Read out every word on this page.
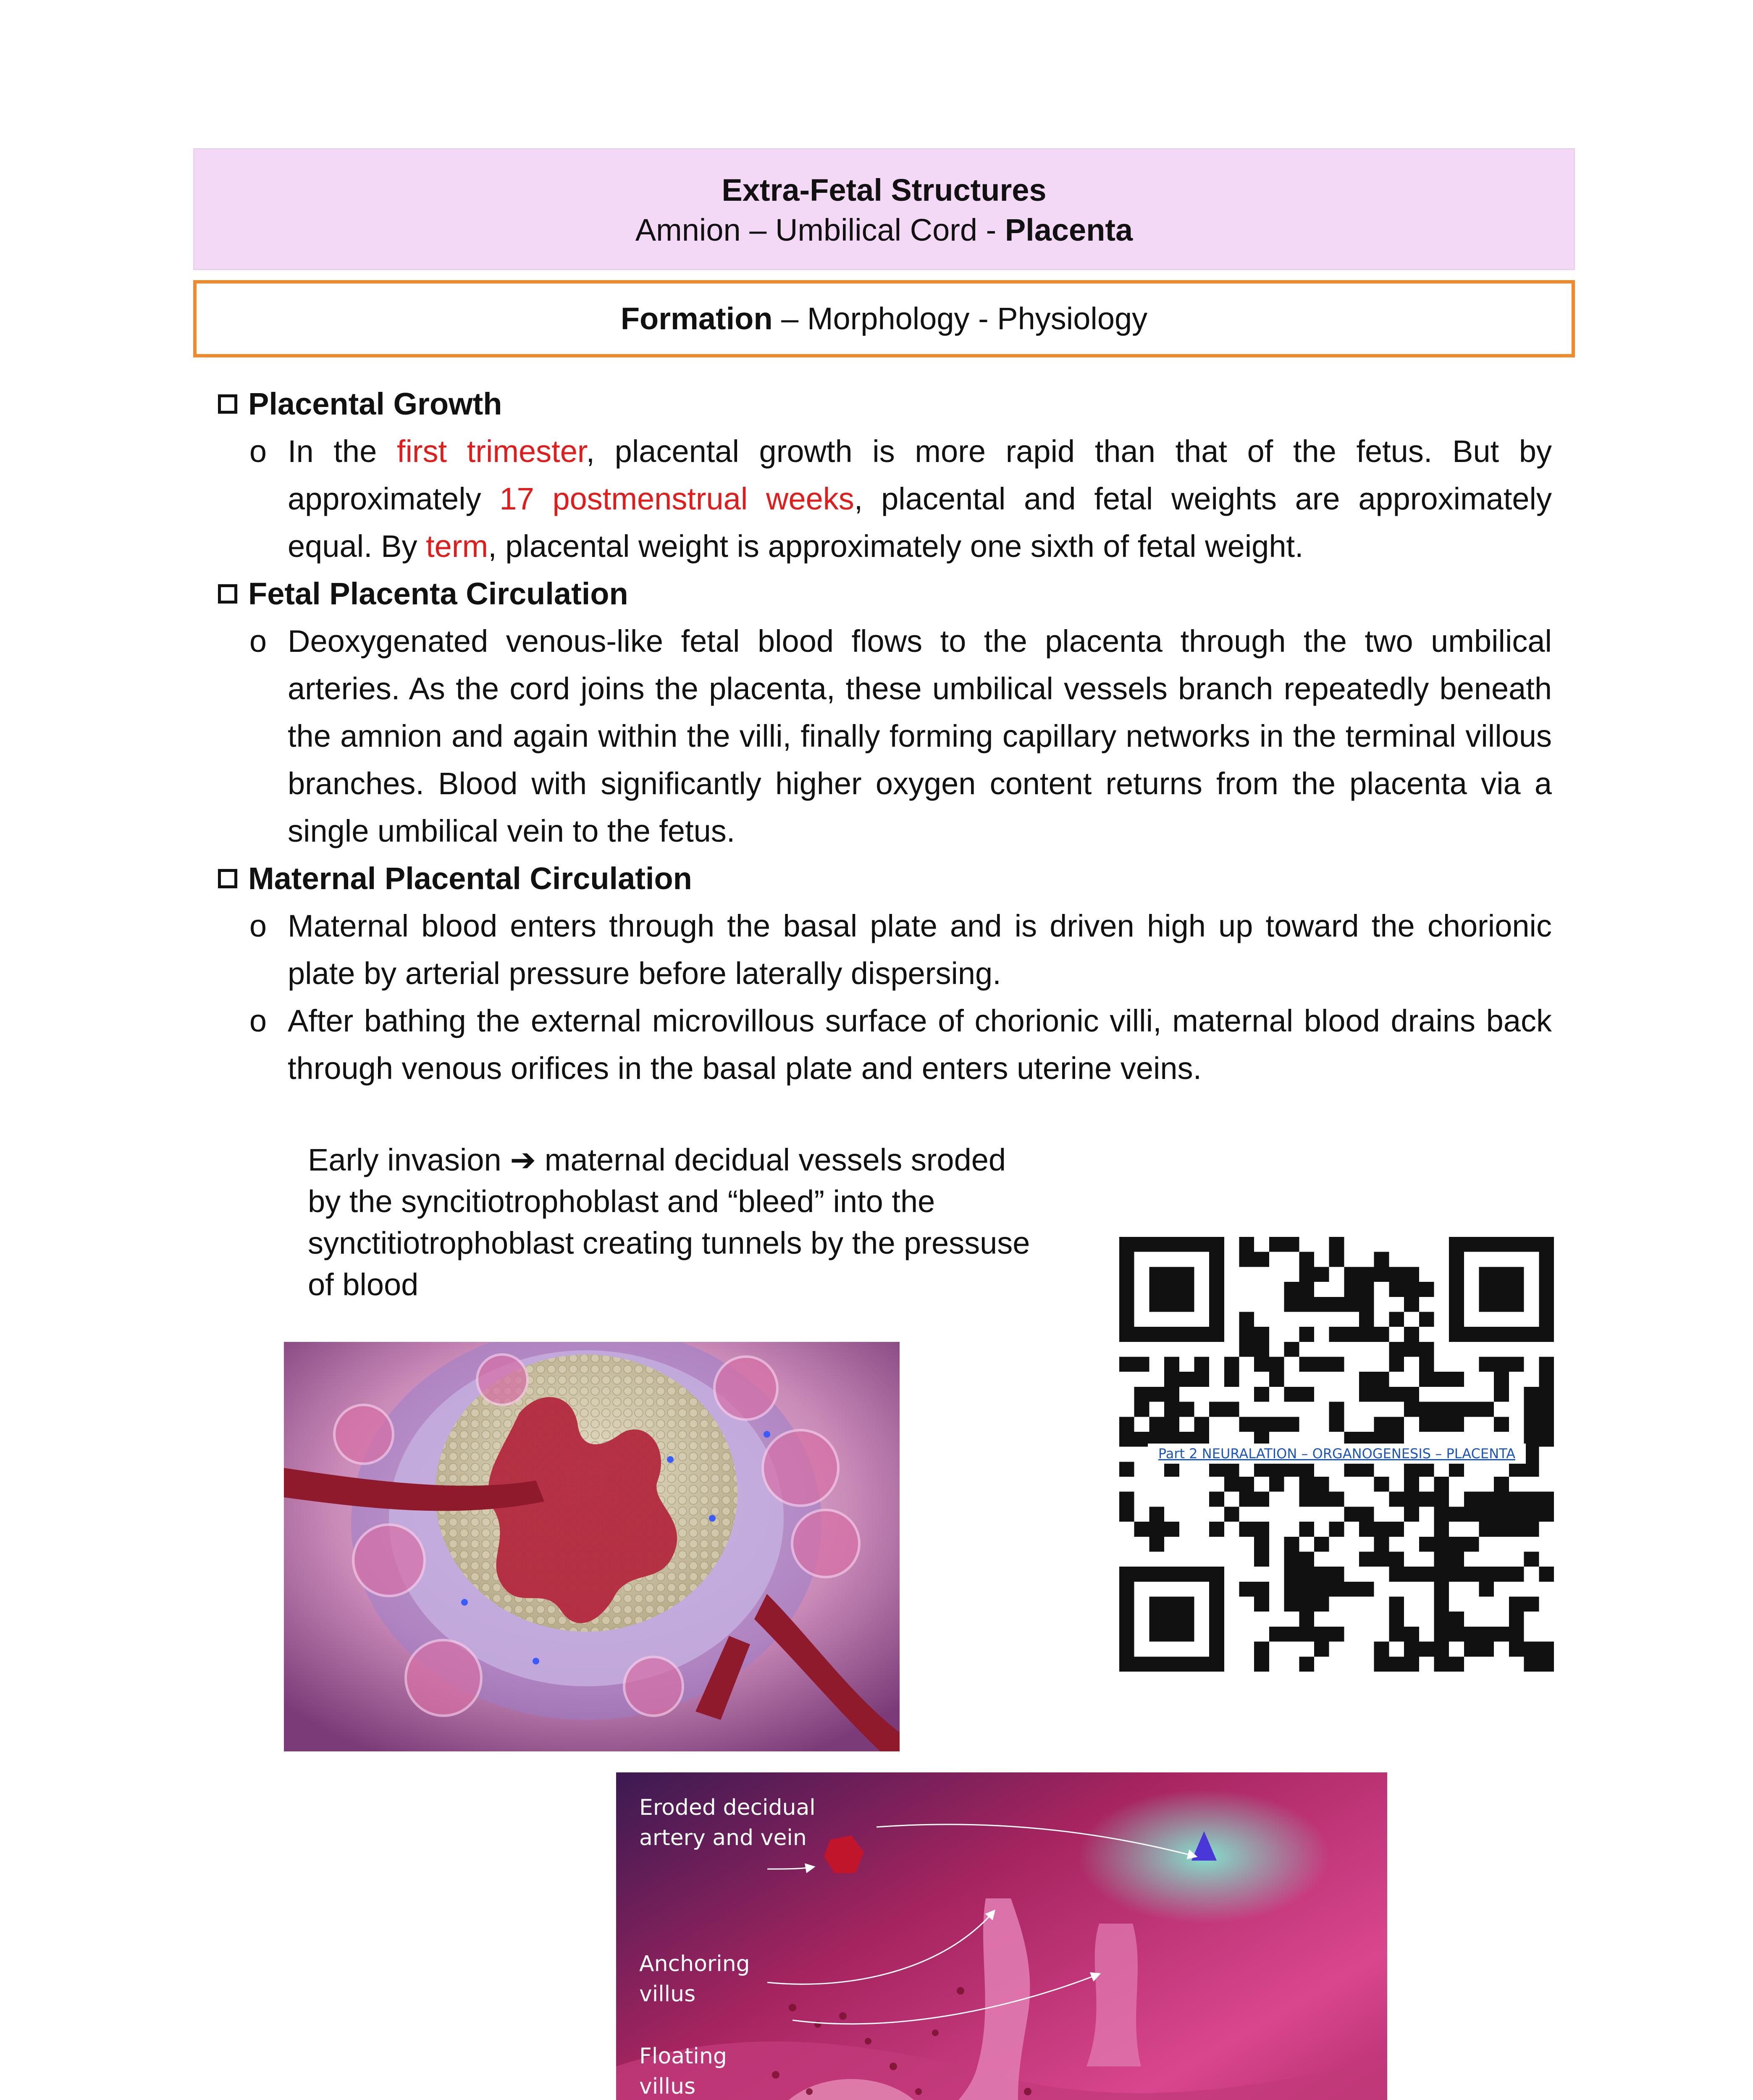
Extra-Fetal Structures
Amnion – Umbilical Cord - Placenta
Formation – Morphology - Physiology
Placental Growth
o In the first trimester, placental growth is more rapid than that of the fetus. But by approximately 17 postmenstrual weeks, placental and fetal weights are approximately equal. By term, placental weight is approximately one sixth of fetal weight.
Fetal Placenta Circulation
o Deoxygenated venous-like fetal blood flows to the placenta through the two umbilical arteries. As the cord joins the placenta, these umbilical vessels branch repeatedly beneath the amnion and again within the villi, finally forming capillary networks in the terminal villous branches. Blood with significantly higher oxygen content returns from the placenta via a single umbilical vein to the fetus.
Maternal Placental Circulation
o Maternal blood enters through the basal plate and is driven high up toward the chorionic plate by arterial pressure before laterally dispersing.
o After bathing the external microvillous surface of chorionic villi, maternal blood drains back through venous orifices in the basal plate and enters uterine veins.
Early invasion ➔ maternal decidual vessels sroded by the syncitiotrophoblast and “bleed” into the synctitiotrophoblast creating tunnels by the pressuse of blood
Part 2 NEURALATION – ORGANOGENESIS – PLACENTA
Eroded decidual
artery and vein
Anchoring
villus
Floating
villus
